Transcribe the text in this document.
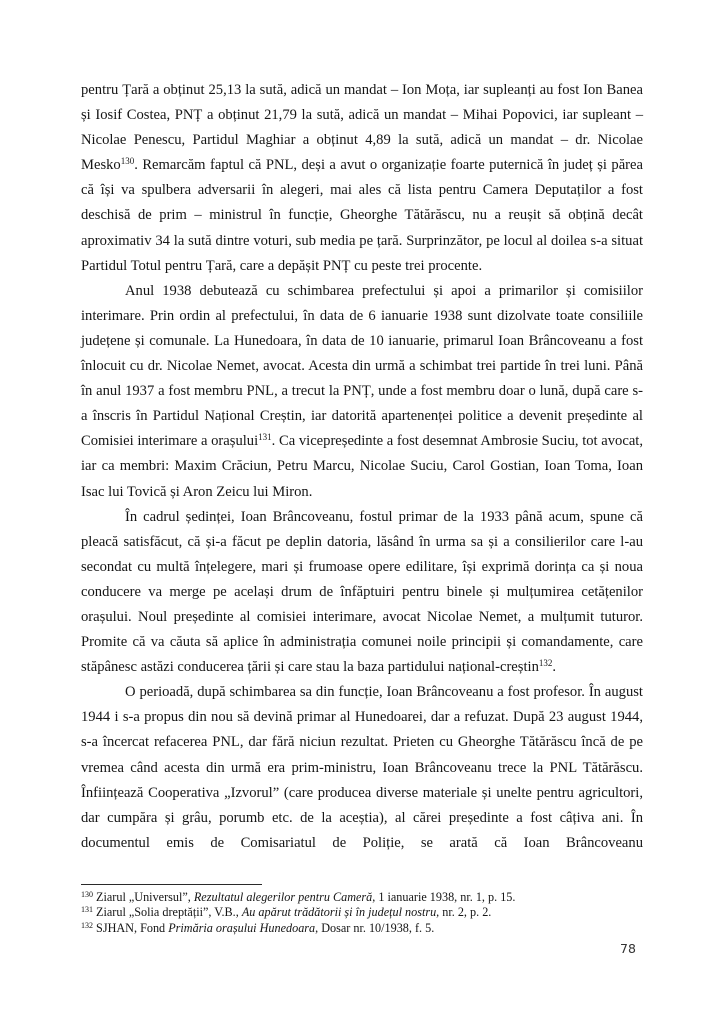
pentru Țară a obținut 25,13 la sută, adică un mandat – Ion Moța, iar supleanți au fost Ion Banea și Iosif Costea, PNȚ a obținut 21,79 la sută, adică un mandat – Mihai Popovici, iar supleant – Nicolae Penescu, Partidul Maghiar a obținut 4,89 la sută, adică un mandat – dr. Nicolae Mesko$^{130}$. Remarcăm faptul că PNL, deși a avut o organizație foarte puternică în județ și părea că își va spulbera adversarii în alegeri, mai ales că lista pentru Camera Deputaților a fost deschisă de prim – ministrul în funcție, Gheorghe Tătărăscu, nu a reușit să obțină decât aproximativ 34 la sută dintre voturi, sub media pe țară. Surprinzător, pe locul al doilea s-a situat Partidul Totul pentru Țară, care a depășit PNȚ cu peste trei procente.

Anul 1938 debutează cu schimbarea prefectului și apoi a primarilor și comisiilor interimare. Prin ordin al prefectului, în data de 6 ianuarie 1938 sunt dizolvate toate consiliile județene și comunale. La Hunedoara, în data de 10 ianuarie, primarul Ioan Brâncoveanu a fost înlocuit cu dr. Nicolae Nemet, avocat. Acesta din urmă a schimbat trei partide în trei luni. Până în anul 1937 a fost membru PNL, a trecut la PNȚ, unde a fost membru doar o lună, după care s-a înscris în Partidul Național Creștin, iar datorită apartenenței politice a devenit președinte al Comisiei interimare a orașului$^{131}$. Ca vicepreședinte a fost desemnat Ambrosie Suciu, tot avocat, iar ca membri: Maxim Crăciun, Petru Marcu, Nicolae Suciu, Carol Gostian, Ioan Toma, Ioan Isac lui Tovică și Aron Zeicu lui Miron.

În cadrul ședinței, Ioan Brâncoveanu, fostul primar de la 1933 până acum, spune că pleacă satisfăcut, că și-a făcut pe deplin datoria, lăsând în urma sa și a consilierilor care l-au secondat cu multă înțelegere, mari și frumoase opere edilitare, își exprimă dorința ca și noua conducere va merge pe același drum de înfăptuiri pentru binele și mulțumirea cetățenilor orașului. Noul președinte al comisiei interimare, avocat Nicolae Nemet, a mulțumit tuturor. Promite că va căuta să aplice în administrația comunei noile principii și comandamente, care stăpânesc astăzi conducerea țării și care stau la baza partidului național-creștin$^{132}$.

O perioadă, după schimbarea sa din funcție, Ioan Brâncoveanu a fost profesor. În august 1944 i s-a propus din nou să devină primar al Hunedoarei, dar a refuzat. După 23 august 1944, s-a încercat refacerea PNL, dar fără niciun rezultat. Prieten cu Gheorghe Tătărăscu încă de pe vremea când acesta din urmă era prim-ministru, Ioan Brâncoveanu trece la PNL Tătărăscu. Înființează Cooperativa „Izvorul” (care producea diverse materiale și unelte pentru agricultori, dar cumpăra și grâu, porumb etc. de la aceștia), al cărei președinte a fost câțiva ani. În documentul emis de Comisariatul de Poliție, se arată că Ioan Brâncoveanu

$^{130}$ Ziarul „Universul”, Rezultatul alegerilor pentru Cameră, 1 ianuarie 1938, nr. 1, p. 15.

$^{131}$ Ziarul „Solia dreptății”, V.B., Au apărut trădătorii și în județul nostru, nr. 2, p. 2.

$^{132}$ SJHAN, Fond Primăria orașului Hunedoara, Dosar nr. 10/1938, f. 5.

78
